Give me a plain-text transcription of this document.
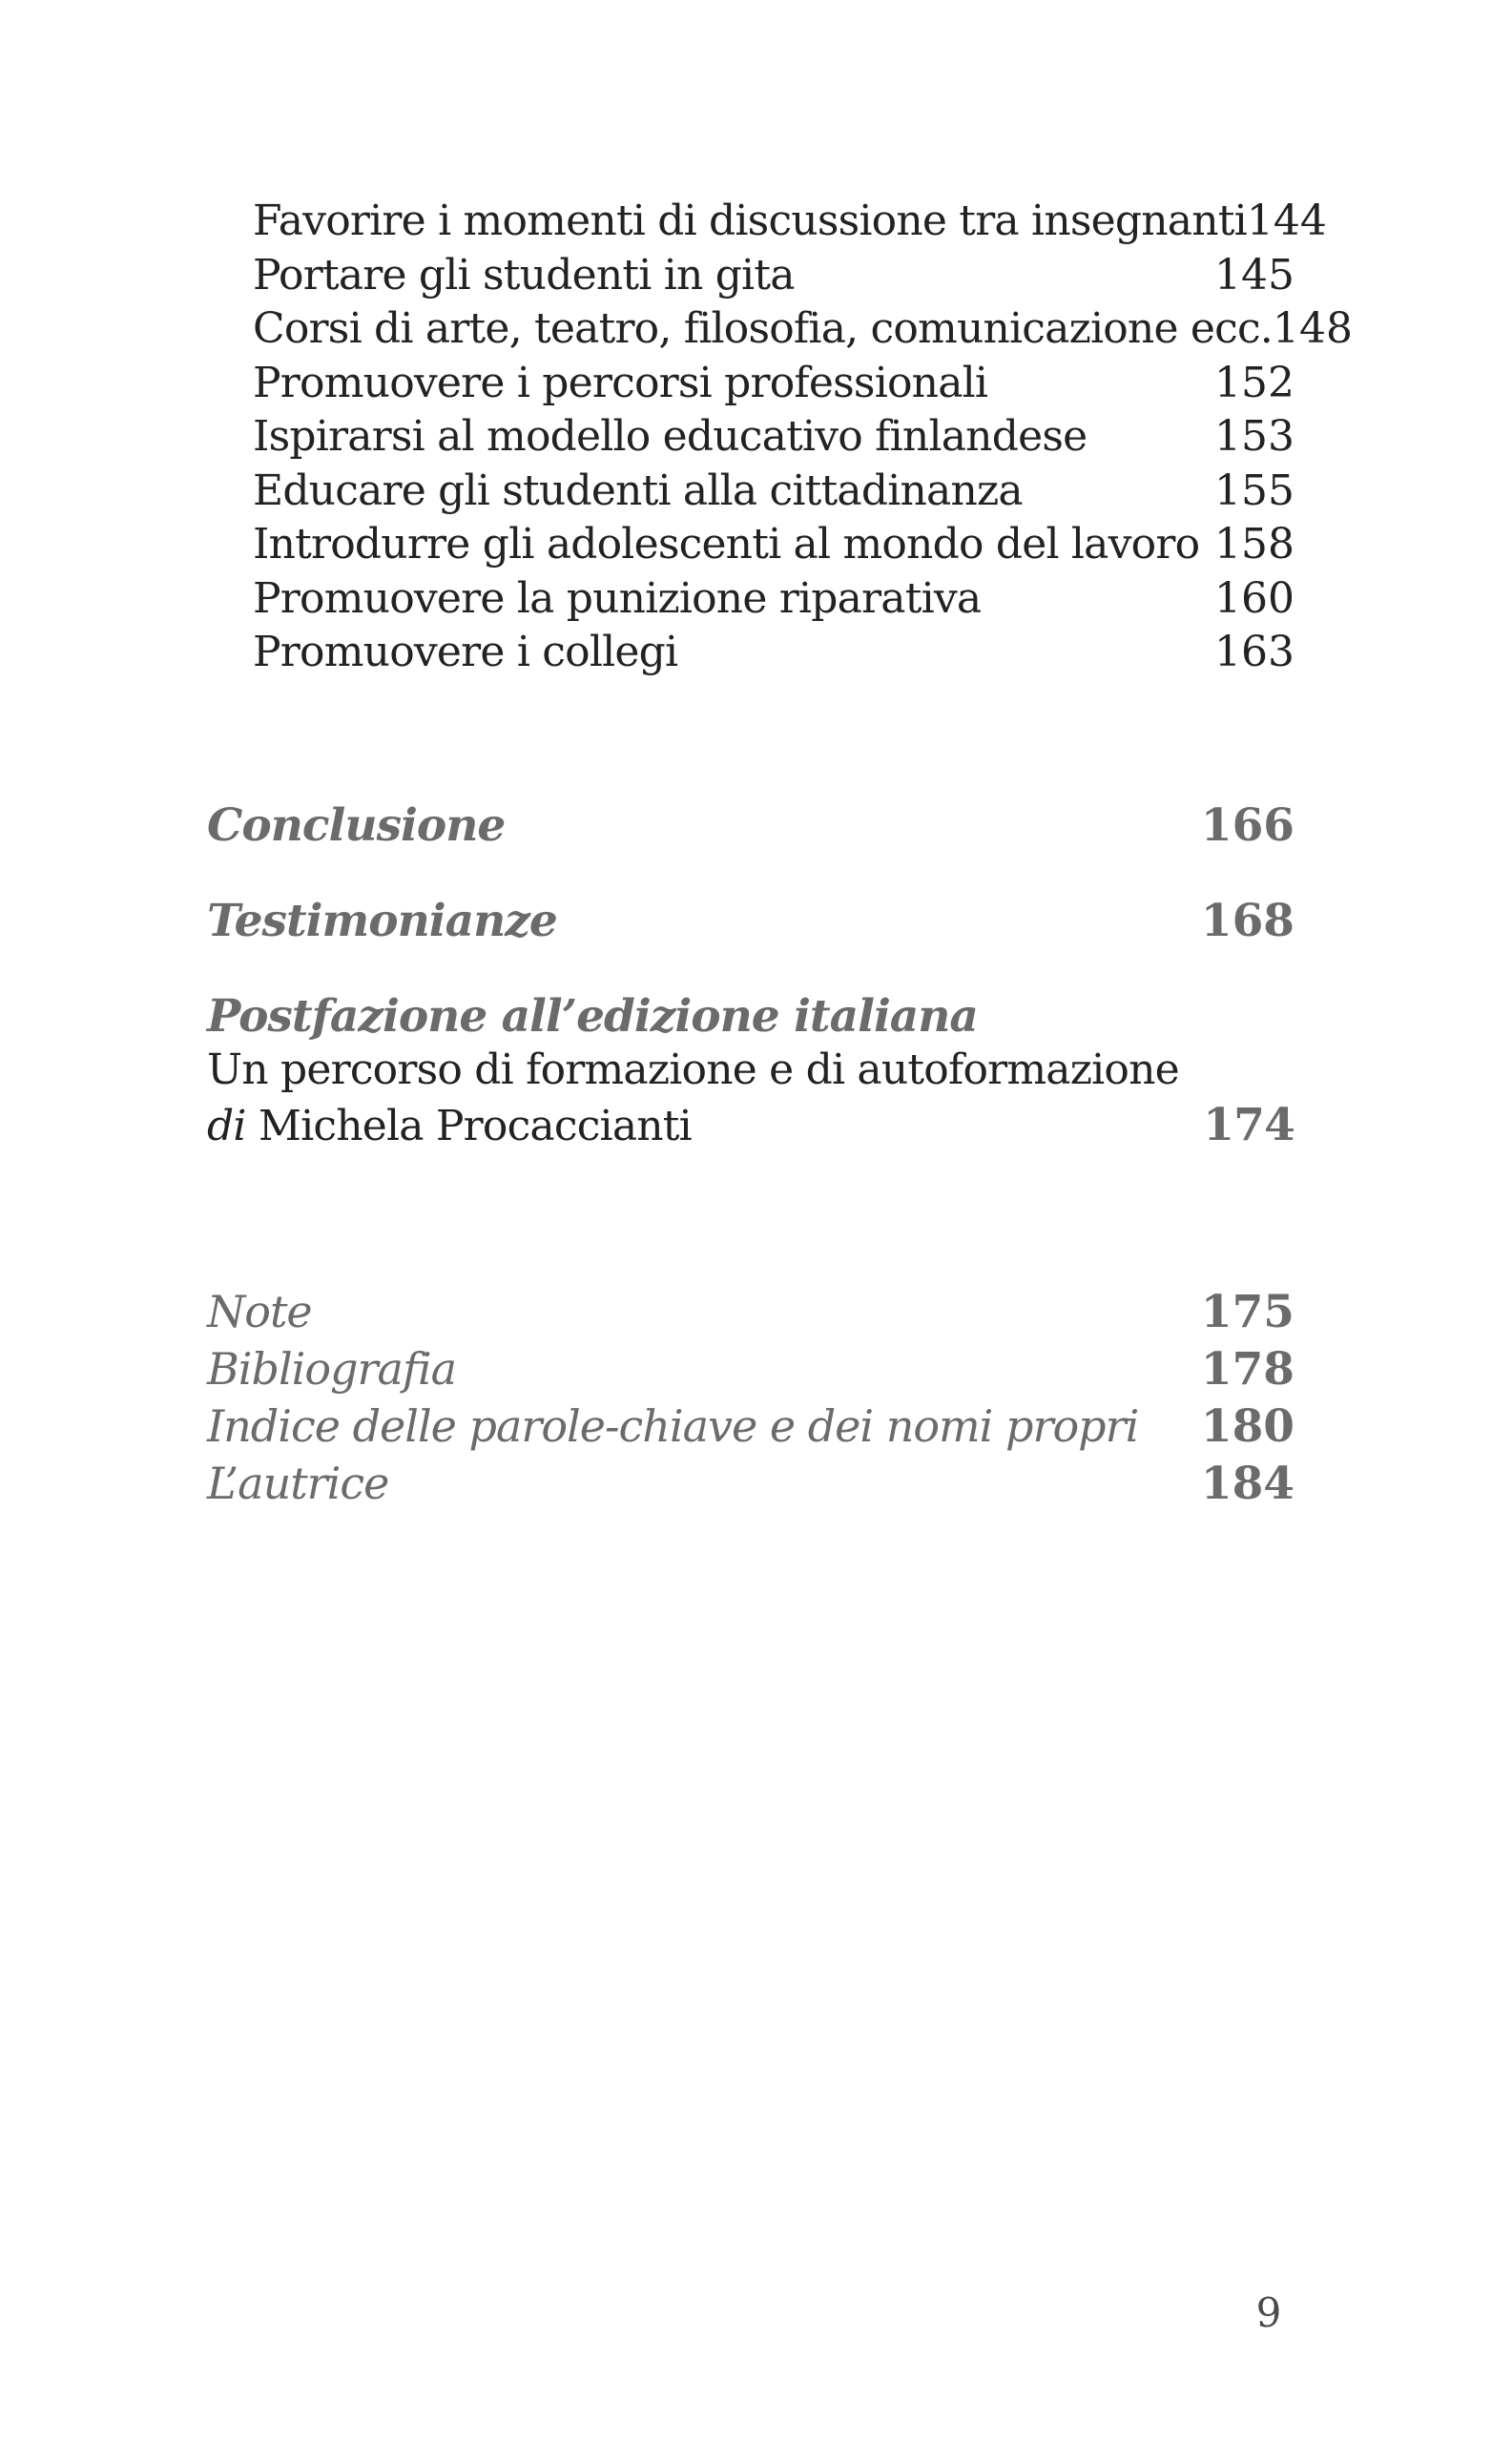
Favorire i momenti di discussione tra insegnanti 144
Portare gli studenti in gita	145
Corsi di arte, teatro, filosofia, comunicazione ecc. 148
Promuovere i percorsi professionali	152
Ispirarsi al modello educativo finlandese	153
Educare gli studenti alla cittadinanza	155
Introdurre gli adolescenti al mondo del lavoro 158
Promuovere la punizione riparativa	160
Promuovere i collegi	163
Conclusione	166
Testimonianze	168
Postfazione all’edizione italiana
Un percorso di formazione e di autoformazione
di Michela Procaccianti	174
Note	175
Bibliografia	178
Indice delle parole-chiave e dei nomi propri 180
L’autrice	184
9
